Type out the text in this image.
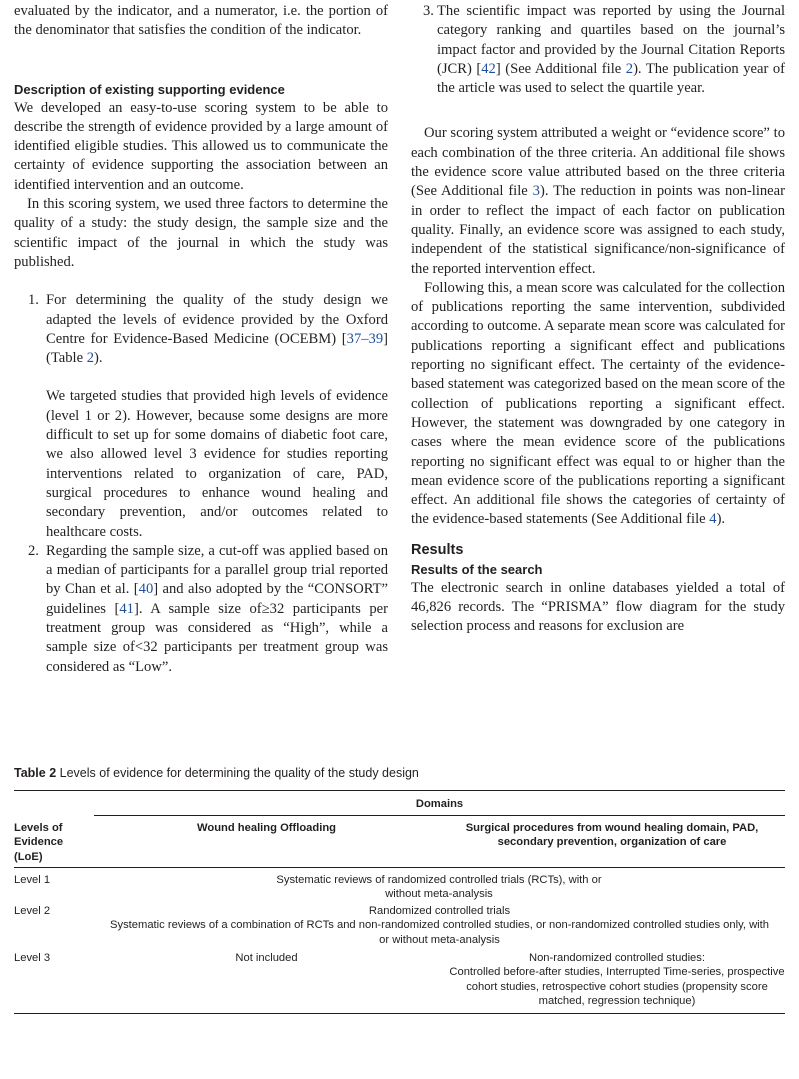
evaluated by the indicator, and a numerator, i.e. the portion of the denominator that satisfies the condition of the indicator.

Description of existing supporting evidence

We developed an easy-to-use scoring system to be able to describe the strength of evidence provided by a large amount of identified eligible studies. This allowed us to communicate the certainty of evidence supporting the association between an identified intervention and an outcome.

In this scoring system, we used three factors to determine the quality of a study: the study design, the sample size and the scientific impact of the journal in which the study was published.

1. For determining the quality of the study design we adapted the levels of evidence provided by the Oxford Centre for Evidence-Based Medicine (OCEBM) [37–39] (Table 2).
We targeted studies that provided high levels of evidence (level 1 or 2). However, because some designs are more difficult to set up for some domains of diabetic foot care, we also allowed level 3 evidence for studies reporting interventions related to organization of care, PAD, surgical procedures to enhance wound healing and secondary prevention, and/or outcomes related to healthcare costs.
2. Regarding the sample size, a cut-off was applied based on a median of participants for a parallel group trial reported by Chan et al. [40] and also adopted by the “CONSORT” guidelines [41]. A sample size of≥32 participants per treatment group was considered as “High”, while a sample size of<32 participants per treatment group was considered as “Low”.
3. The scientific impact was reported by using the Journal category ranking and quartiles based on the journal’s impact factor and provided by the Journal Citation Reports (JCR) [42] (See Additional file 2). The publication year of the article was used to select the quartile year.

Our scoring system attributed a weight or “evidence score” to each combination of the three criteria. An additional file shows the evidence score value attributed based on the three criteria (See Additional file 3). The reduction in points was non-linear in order to reflect the impact of each factor on publication quality. Finally, an evidence score was assigned to each study, independent of the statistical significance/non-significance of the reported intervention effect.

Following this, a mean score was calculated for the collection of publications reporting the same intervention, subdivided according to outcome. A separate mean score was calculated for publications reporting a significant effect and publications reporting no significant effect. The certainty of the evidence-based statement was categorized based on the mean score of the collection of publications reporting a significant effect. However, the statement was downgraded by one category in cases where the mean evidence score of the publications reporting no significant effect was equal to or higher than the mean evidence score of the publications reporting a significant effect. An additional file shows the categories of certainty of the evidence-based statements (See Additional file 4).

Results
Results of the search

The electronic search in online databases yielded a total of 46,826 records. The “PRISMA” flow diagram for the study selection process and reasons for exclusion are

Table 2 Levels of evidence for determining the quality of the study design
Domains
Levels of Evidence (LoE)
Wound healing Offloading	Surgical procedures from wound healing domain, PAD, secondary prevention, organization of care
Level 1	Systematic reviews of randomized controlled trials (RCTs), with or without meta-analysis
Level 2	Randomized controlled trials
Systematic reviews of a combination of RCTs and non-randomized controlled studies, or non-randomized controlled studies only, with or without meta-analysis
Level 3	Not included	Non-randomized controlled studies:
Controlled before-after studies, Interrupted Time-series, prospective cohort studies, retrospective cohort studies (propensity score matched, regression technique)
